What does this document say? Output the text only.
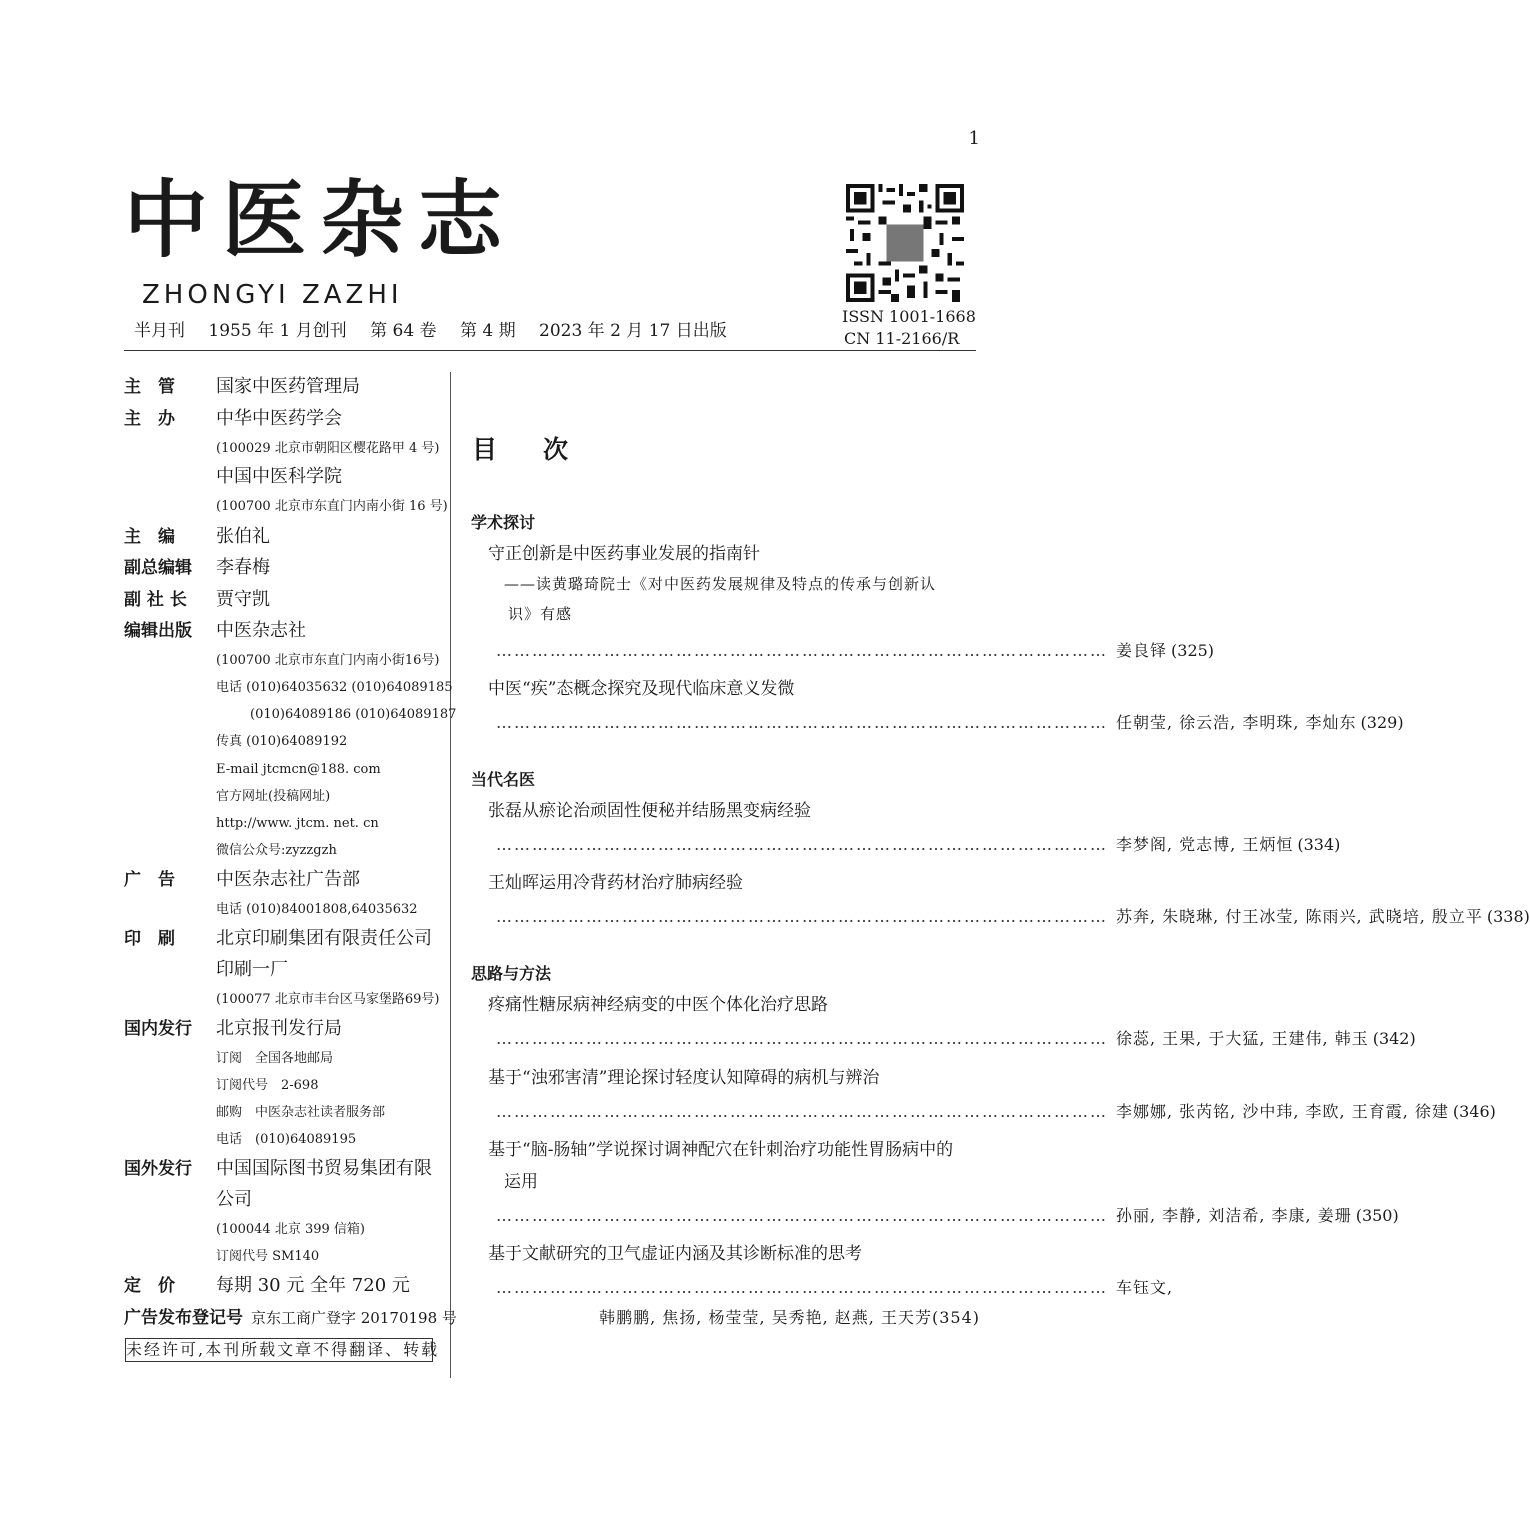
1
中医杂志
ZHONGYI ZAZHI
半月刊 1955 年 1 月创刊 第 64 卷 第 4 期 2023 年 2 月 17 日出版
ISSN 1001-1668
CN 11-2166/R
主　管 国家中医药管理局
主　办 中华中医药学会
(100029 北京市朝阳区樱花路甲 4 号)
中国中医科学院
(100700 北京市东直门内南小街 16 号)
主　编 张伯礼
副总编辑 李春梅
副 社 长 贾守凯
编辑出版 中医杂志社
(100700 北京市东直门内南小街16号)
电话 (010)64035632 (010)64089185
(010)64089186 (010)64089187
传真 (010)64089192
E-mail jtcmcn@188. com
官方网址(投稿网址)
http://www. jtcm. net. cn
微信公众号:zyzzgzh
广　告 中医杂志社广告部
电话 (010)84001808,64035632
印　刷 北京印刷集团有限责任公司
印刷一厂
(100077 北京市丰台区马家堡路69号)
国内发行 北京报刊发行局
订阅　全国各地邮局
订阅代号　2-698
邮购　中医杂志社读者服务部
电话　(010)64089195
国外发行 中国国际图书贸易集团有限
公司
(100044 北京 399 信箱)
订阅代号 SM140
定　价 每期 30 元 全年 720 元
广告发布登记号 京东工商广登字 20170198 号
未经许可,本刊所载文章不得翻译、转载
目 次
学术探讨
守正创新是中医药事业发展的指南针
——读黄璐琦院士《对中医药发展规律及特点的传承与创新认
识》有感
………………………………………………………………………………………… 姜良铎 (325)
中医“疾”态概念探究及现代临床意义发微
………………………………………………………………………………………… 任朝莹, 徐云浩, 李明珠, 李灿东 (329)
当代名医
张磊从瘀论治顽固性便秘并结肠黑变病经验
………………………………………………………………………………………… 李梦阁, 党志博, 王炳恒 (334)
王灿晖运用冷背药材治疗肺病经验
………………………………………………………………………………………… 苏奔, 朱晓琳, 付王冰莹, 陈雨兴, 武晓培, 殷立平 (338)
思路与方法
疼痛性糖尿病神经病变的中医个体化治疗思路
………………………………………………………………………………………… 徐蕊, 王果, 于大猛, 王建伟, 韩玉 (342)
基于“浊邪害清”理论探讨轻度认知障碍的病机与辨治
………………………………………………………………………………………… 李娜娜, 张芮铭, 沙中玮, 李欧, 王育霞, 徐建 (346)
基于“脑-肠轴”学说探讨调神配穴在针刺治疗功能性胃肠病中的
运用
………………………………………………………………………………………… 孙丽, 李静, 刘洁希, 李康, 姜珊 (350)
基于文献研究的卫气虚证内涵及其诊断标准的思考
………………………………………………………………………………………… 车钰文,
韩鹏鹏, 焦扬, 杨莹莹, 吴秀艳, 赵燕, 王天芳(354)
